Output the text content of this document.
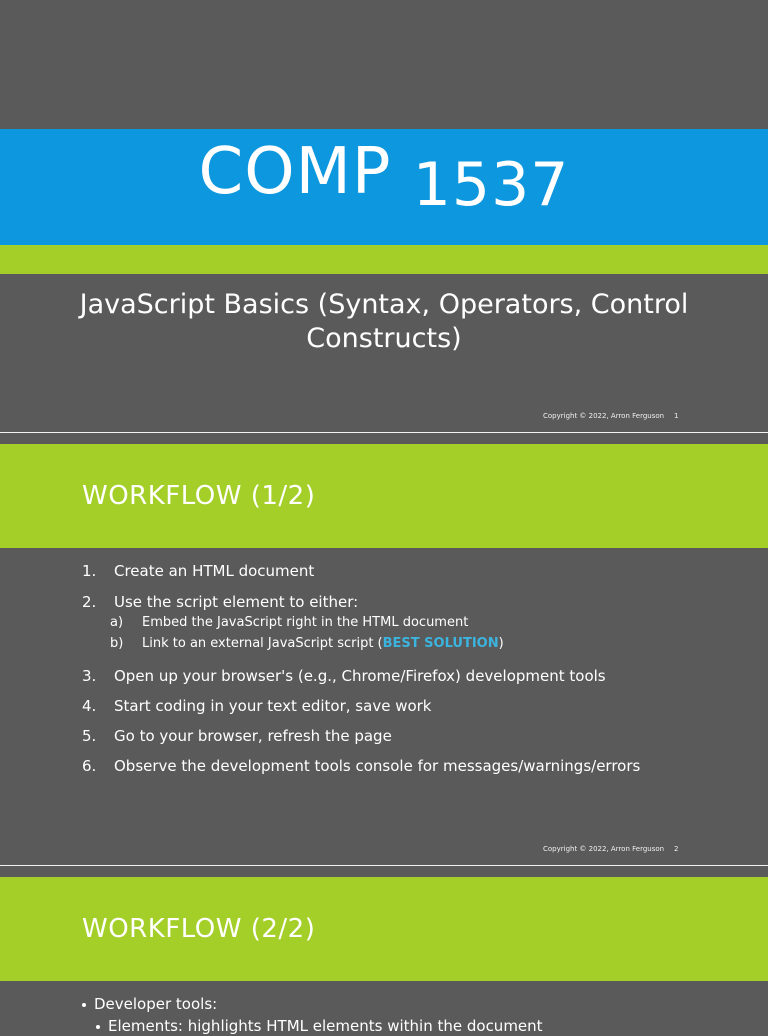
COMP 1537
JavaScript Basics (Syntax, Operators, Control Constructs)
Copyright © 2022, Arron Ferguson 1
WORKFLOW (1/2)
1. Create an HTML document
2. Use the script element to either:
a) Embed the JavaScript right in the HTML document
b) Link to an external JavaScript script (BEST SOLUTION)
3. Open up your browser's (e.g., Chrome/Firefox) development tools
4. Start coding in your text editor, save work
5. Go to your browser, refresh the page
6. Observe the development tools console for messages/warnings/errors
Copyright © 2022, Arron Ferguson 2
WORKFLOW (2/2)
Developer tools:
Elements: highlights HTML elements within the document
